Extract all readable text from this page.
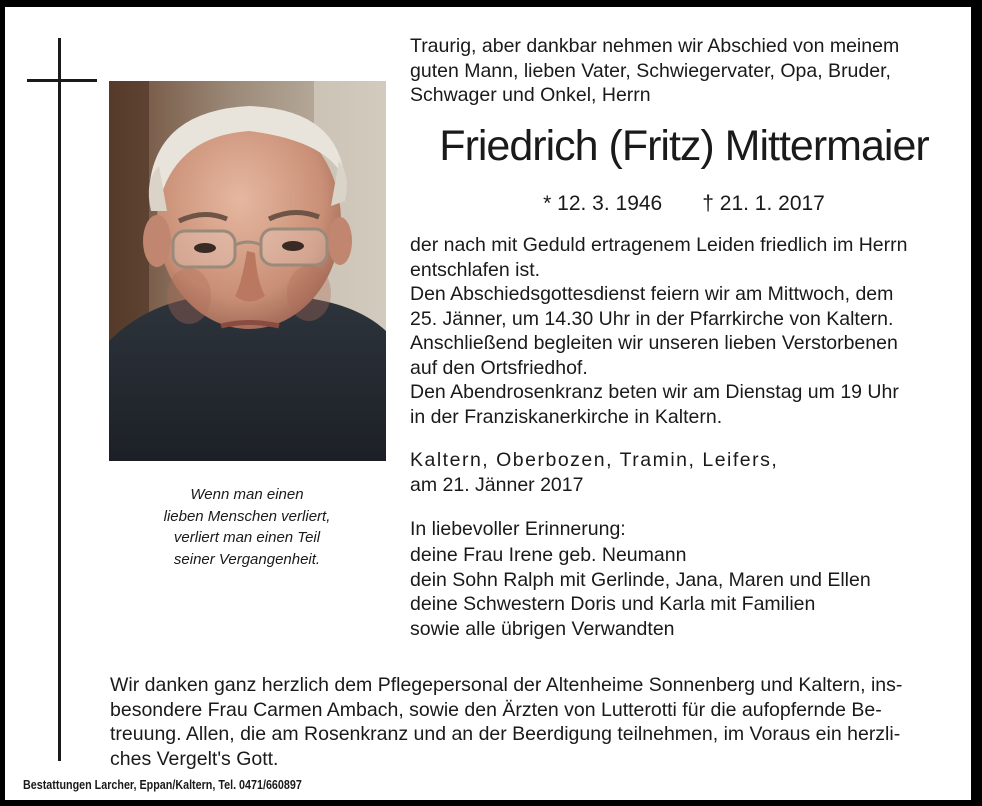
Wenn man einen
lieben Menschen verliert,
verliert man einen Teil
seiner Vergangenheit.
Traurig, aber dankbar nehmen wir Abschied von meinem
guten Mann, lieben Vater, Schwiegervater, Opa, Bruder,
Schwager und Onkel, Herrn
Friedrich (Fritz) Mittermaier
* 12. 3. 1946 † 21. 1. 2017
der nach mit Geduld ertragenem Leiden friedlich im Herrn
entschlafen ist.
Den Abschiedsgottesdienst feiern wir am Mittwoch, dem
25. Jänner, um 14.30 Uhr in der Pfarrkirche von Kaltern.
Anschließend begleiten wir unseren lieben Verstorbenen
auf den Ortsfriedhof.
Den Abendrosenkranz beten wir am Dienstag um 19 Uhr
in der Franziskanerkirche in Kaltern.
Kaltern, Oberbozen, Tramin, Leifers,
am 21. Jänner 2017
In liebevoller Erinnerung:
deine Frau Irene geb. Neumann
dein Sohn Ralph mit Gerlinde, Jana, Maren und Ellen
deine Schwestern Doris und Karla mit Familien
sowie alle übrigen Verwandten
Wir danken ganz herzlich dem Pflegepersonal der Altenheime Sonnenberg und Kaltern, ins-
besondere Frau Carmen Ambach, sowie den Ärzten von Lutterotti für die aufopfernde Be-
treuung. Allen, die am Rosenkranz und an der Beerdigung teilnehmen, im Voraus ein herzli-
ches Vergelt's Gott.
Bestattungen Larcher, Eppan/Kaltern, Tel. 0471/660897
